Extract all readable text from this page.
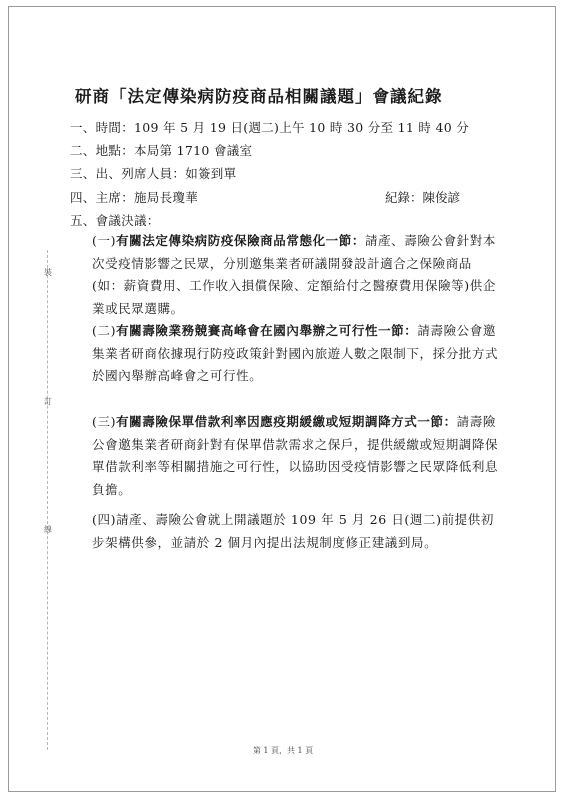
裝
訂
線
研商「法定傳染病防疫商品相關議題」會議紀錄
一、時間：109 年 5 月 19 日(週二)上午 10 時 30 分至 11 時 40 分
二、地點：本局第 1710 會議室
三、出、列席人員：如簽到單
四、主席：施局長瓊華	紀錄：陳俊諺
五、會議決議：
(一)有關法定傳染病防疫保險商品常態化一節：請產、壽險公會針對本次受疫情影響之民眾，分別邀集業者研議開發設計適合之保險商品(如：薪資費用、工作收入損償保險、定額給付之醫療費用保險等)供企業或民眾選購。
(二)有關壽險業務競賽高峰會在國內舉辦之可行性一節：請壽險公會邀集業者研商依據現行防疫政策針對國內旅遊人數之限制下，採分批方式於國內舉辦高峰會之可行性。
(三)有關壽險保單借款利率因應疫期緩繳或短期調降方式一節：請壽險公會邀集業者研商針對有保單借款需求之保戶，提供緩繳或短期調降保單借款利率等相關措施之可行性，以協助因受疫情影響之民眾降低利息負擔。
(四)請產、壽險公會就上開議題於 109 年 5 月 26 日(週二)前提供初步架構供參，並請於 2 個月內提出法規制度修正建議到局。
第 1 頁，共 1 頁
